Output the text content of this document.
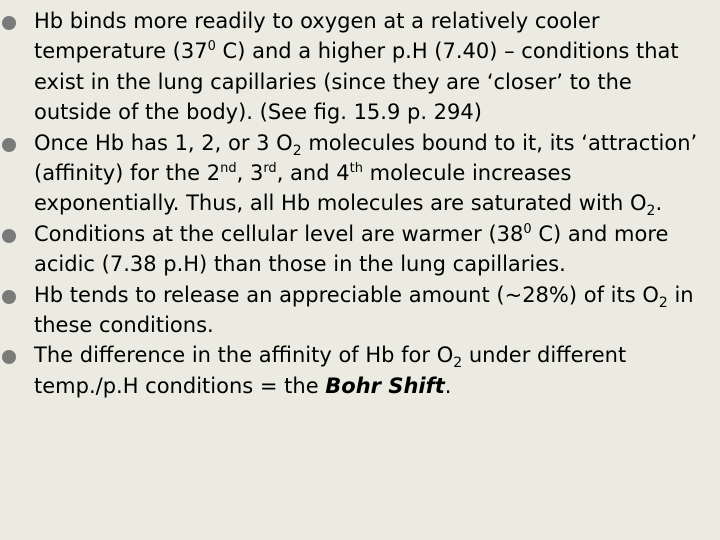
Hb binds more readily to oxygen at a relatively cooler temperature ($37^0$ C) and a higher p.H (7.40) – conditions that exist in the lung capillaries (since they are ‘closer’ to the outside of the body). (See fig. 15.9 p. 294)
Once Hb has 1, 2, or 3 $O_2$ molecules bound to it, its ‘attraction’ (affinity) for the 2nd, 3rd, and 4th molecule increases exponentially. Thus, all Hb molecules are saturated with $O_2$.
Conditions at the cellular level are warmer ($38^0$ C) and more acidic (7.38 p.H) than those in the lung capillaries.
Hb tends to release an appreciable amount (~28%) of its $O_2$ in these conditions.
The difference in the affinity of Hb for $O_2$ under different temp./p.H conditions = the Bohr Shift.
